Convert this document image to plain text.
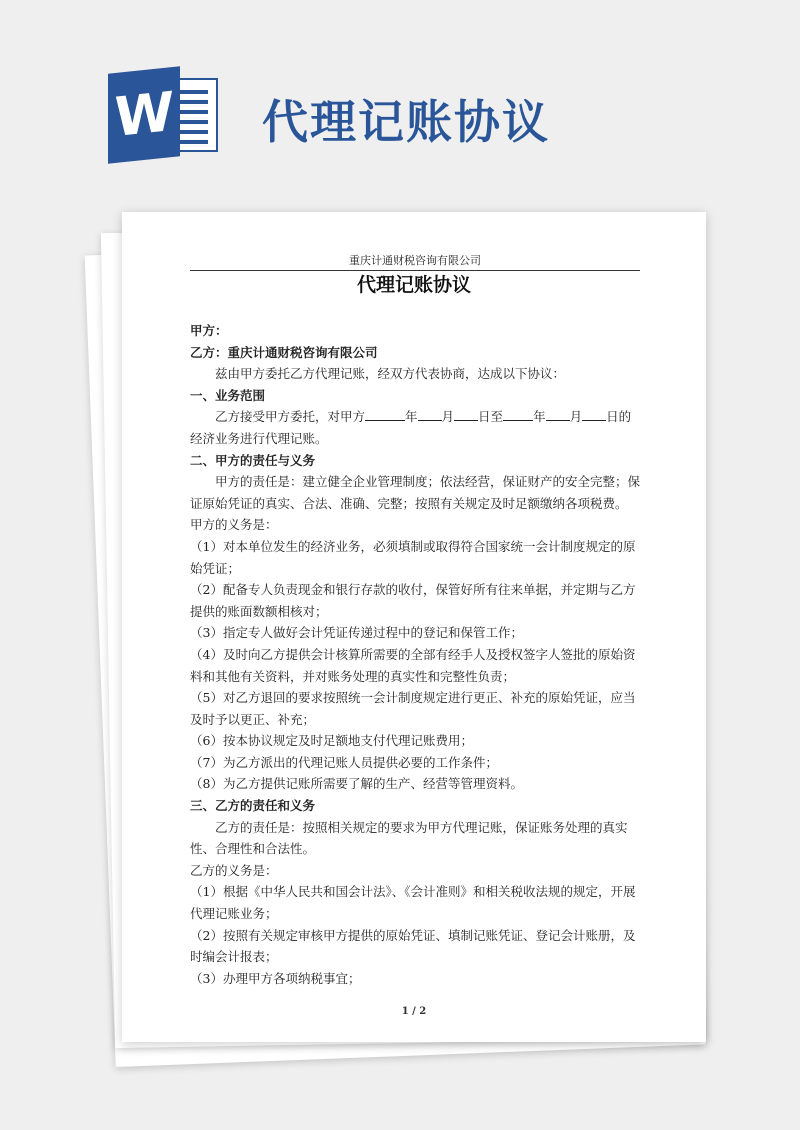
W 代理记账协议
重庆计通财税咨询有限公司
代理记账协议

甲方：

乙方：重庆计通财税咨询有限公司

兹由甲方委托乙方代理记账，经双方代表协商，达成以下协议：

一、业务范围

乙方接受甲方委托，对甲方	年 月 日至 年 月 日的经济业务进行代理记账。

二、甲方的责任与义务

甲方的责任是：建立健全企业管理制度；依法经营，保证财产的安全完整；保证原始凭证的真实、合法、准确、完整；按照有关规定及时足额缴纳各项税费。

甲方的义务是：

（1）对本单位发生的经济业务，必须填制或取得符合国家统一会计制度规定的原始凭证；

（2）配备专人负责现金和银行存款的收付，保管好所有往来单据，并定期与乙方提供的账面数额相核对；

（3）指定专人做好会计凭证传递过程中的登记和保管工作；

（4）及时向乙方提供会计核算所需要的全部有经手人及授权签字人签批的原始资料和其他有关资料，并对账务处理的真实性和完整性负责；

（5）对乙方退回的要求按照统一会计制度规定进行更正、补充的原始凭证，应当及时予以更正、补充；

（6）按本协议规定及时足额地支付代理记账费用；

（7）为乙方派出的代理记账人员提供必要的工作条件；

（8）为乙方提供记账所需要了解的生产、经营等管理资料。

三、乙方的责任和义务

乙方的责任是：按照相关规定的要求为甲方代理记账，保证账务处理的真实性、合理性和合法性。

乙方的义务是：

（1）根据《中华人民共和国会计法》、《会计准则》和相关税收法规的规定，开展代理记账业务；

（2）按照有关规定审核甲方提供的原始凭证、填制记账凭证、登记会计账册，及时编会计报表；

（3）办理甲方各项纳税事宜；

1 / 2
